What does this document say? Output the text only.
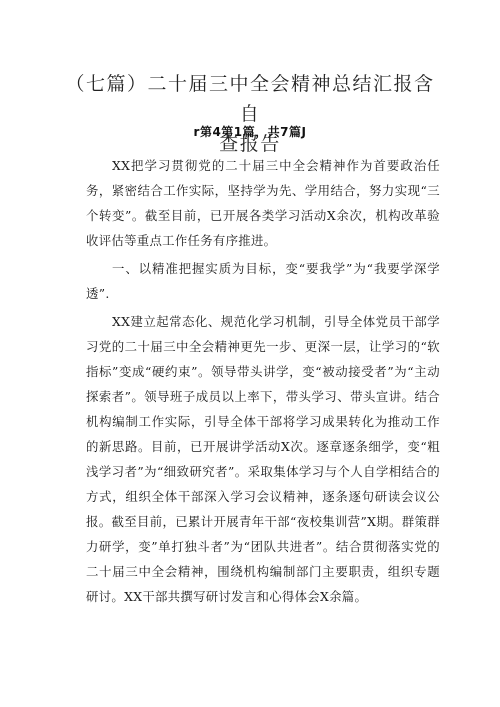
（七篇）二十届三中全会精神总结汇报含自
查报告
r第4第1篇，共7篇J

XX把学习贯彻党的二十届三中全会精神作为首要政治任务，紧密结合工作实际，坚持学为先、学用结合，努力实现“三个转变”。截至目前，已开展各类学习活动X余次，机构改革验收评估等重点工作任务有序推进。

一、以精准把握实质为目标，变“要我学”为“我要学深学透”.

XX建立起常态化、规范化学习机制，引导全体党员干部学习党的二十届三中全会精神更先一步、更深一层，让学习的“软指标”变成“硬约束”。领导带头讲学，变“被动接受者”为“主动探索者”。领导班子成员以上率下，带头学习、带头宣讲。结合机构编制工作实际，引导全体干部将学习成果转化为推动工作的新思路。目前，已开展讲学活动X次。逐章逐条细学，变“粗浅学习者”为“细致研究者”。采取集体学习与个人自学相结合的方式，组织全体干部深入学习会议精神，逐条逐句研读会议公报。截至目前，已累计开展青年干部“夜校集训营”X期。群策群力研学，变”单打独斗者”为“团队共进者”。结合贯彻落实党的二十届三中全会精神，围绕机构编制部门主要职责，组织专题研讨。XX干部共撰写研讨发言和心得体会X余篇。
